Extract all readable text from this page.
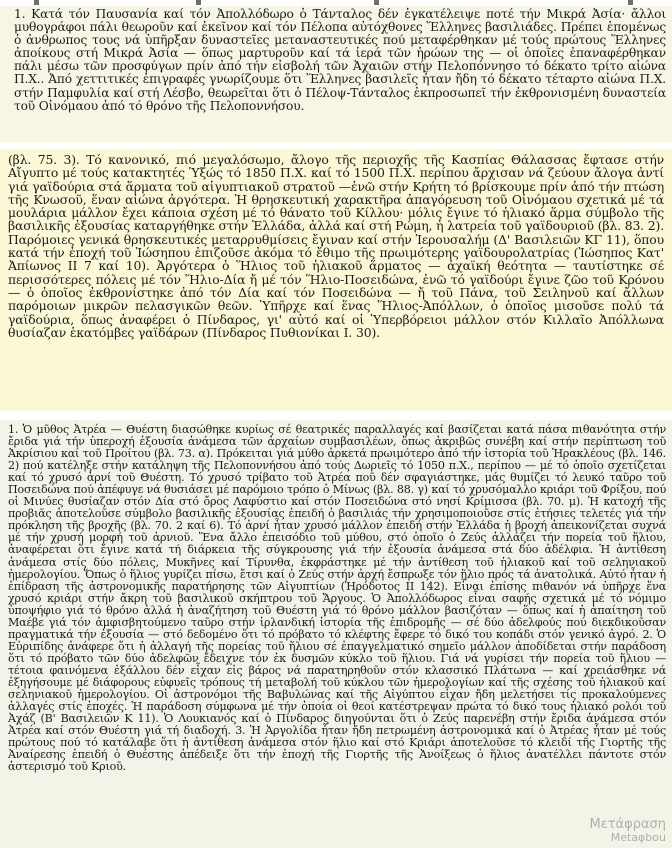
1. Κατά τόν Παυσανία καί τόν Ἀπολλόδωρο ὁ Τάνταλος δέν ἐγκατέλειψε ποτέ τήν Μικρά Ἀσία· ἄλλοι μυθογράφοι πάλι θεωροῦν καί ἐκεῖνον καί τόν Πέλοπα αὐτόχθονες Ἕλληνες βασιλιάδες. Πρέπει ἑπομένως ὁ ἀνθρωπος τους νά ὑπῆρξαν δυναστεῖες μεταναστευτικές πού μεταφέρθηκαν μέ τούς πρώτους Ἕλληνες ἀποίκους στή Μικρά Ἀσία — ὅπως μαρτυροῦν καί τά ἱερά τῶν ἡρώων της — οἱ ὁποῖες ἐπαναφέρθηκαν πάλι μέσω τῶν προσφύγων πρίν ἀπό τήν εἰσβολή τῶν Ἀχαιῶν στήν Πελοπόννησο τό δέκατο τρίτο αἰώνα Π.Χ.. Ἀπό χεττιτικές ἐπιγραφές γνωρίζουμε ὅτι Ἕλληνες βασιλεῖς ἦταν ἤδη τό δέκατο τέταρτο αἰώνα Π.Χ. στήν Παμφυλία καί στή Λέσβο, θεωρεῖται ὅτι ὁ Πέλοψ-Τάνταλος ἐκπροσωπεῖ τήν ἐκθρονισμένη δυναστεία τοῦ Οἰνόμαου ἀπό τό θρόνο τῆς Πελοποννήσου.

(βλ. 75. 3). Τό κανονικό, πιό μεγαλόσωμο, ἄλογο τῆς περιοχῆς τῆς Κασπίας Θάλασσας ἔφτασε στήν Αἴγυπτο μέ τούς κατακτητές Ὑξώς τό 1850 Π.Χ. καί τό 1500 Π.Χ. περίπου ἄρχισαν νά ζεύουν ἄλογα ἀντί γιά γαϊδούρια στά ἅρματα τοῦ αἰγυπτιακοῦ στρατοῦ —ἐνῶ στήν Κρήτη τό βρίσκουμε πρίν ἀπό τήν πτώση τῆς Κνωσοῦ, ἕναν αἰώνα ἀργότερα. Ἡ θρησκευτική χαρακτῆρα ἀπαγόρευση τοῦ Οἰνόμαου σχετικά μέ τά μουλάρια μάλλον ἔχει κάποια σχέση μέ τό θάνατο τοῦ Κίλλου· μόλις ἔγινε τό ἡλιακό ἅρμα σύμβολο τῆς βασιλικῆς ἐξουσίας καταργήθηκε στήν Ἑλλάδα, ἀλλά καί στή Ρώμη, ἡ λατρεία τοῦ γαϊδουριοῦ (βλ. 83. 2). Παρόμοιες γενικά θρησκευτικές μεταρρυθμίσεις ἔγιναν καί στήν Ἱερουσαλήμ (Δ' Βασιλειῶν ΚΓ 11), ὅπου κατά τήν ἐποχή τοῦ Ἰώσηπου ἐπιζοῦσε ἀκόμα τό ἔθιμο τῆς πρωιμότερης γαϊδουρολατρίας (Ἰώσηπος Κατ' Ἀπίωνος ΙΙ 7 καί 10). Ἀργότερα ὁ Ἥλιος τοῦ ἡλιακοῦ ἅρματος — ἀχαϊκή θεότητα — ταυτίστηκε σέ περισσότερες πόλεις μέ τόν Ἥλιο-Δία ἤ μέ τόν Ἥλιο-Ποσειδώνα, ἐνῶ τό γαϊδούρι ἔγινε ζῶο τοῦ Κρόνου — ὁ ὁποῖος ἐκθρονίστηκε ἀπό τόν Δία καί τόν Ποσειδώνα — ἤ τοῦ Πάνα, τοῦ Σειληνοῦ καί ἄλλων παρόμοιων μικρῶν πελασγικῶν θεῶν. Ὑπῆρχε καί ἕνας Ἥλιος-Ἀπόλλων, ὁ ὁποῖος μισοῦσε πολύ τά γαϊδούρια, ὅπως ἀναφέρει ὁ Πίνδαρος, γι' αὐτό καί οἱ Ὑπερβόρειοι μάλλον στόν Κιλλαῖο Ἀπόλλωνα θυσίαζαν ἑκατόμβες γαϊδάρων (Πίνδαρος Πυθιονίκαι Ι. 30).

1. Ὁ μῦθος Ἀτρέα — Θυέστη διασώθηκε κυρίως σέ θεατρικές παραλλαγές καί βασίζεται κατά πάσα πιθανότητα στήν ἔριδα γιά τήν ὑπεροχή ἐξουσία ἀνάμεσα τῶν ἀρχαίων συμβασιλέων, ὅπως ἀκριβῶς συνέβη καί στήν περίπτωση τοῦ Ἀκρίσιου καί τοῦ Προίτου (βλ. 73. α). Πρόκειται γιά μύθο ἀρκετά πρωιμότερο ἀπό τήν ἱστορία τοῦ Ἡρακλέους (βλ. 146. 2) πού κατέληξε στήν κατάληψη τῆς Πελοποννήσου ἀπό τούς Δωριεῖς τό 1050 π.Χ., περίπου — μέ τό ὁποῖο σχετίζεται καί τό χρυσό ἀρνί τοῦ Θυέστη. Τό χρυσό τρίβατο τοῦ Ἀτρέα ποῦ δέν σφαγιάστηκε, μάς θυμίζει τό λευκό ταῦρο τοῦ Ποσειδώνα πού ἀπέφυγε νά θυσιάσει μέ παρόμοιο τρόπο ὁ Μίνως (βλ. 88. γ) καί τό χρυσόμαλλο κριάρι τοῦ Φρίξου, πού οἱ Μινύες θυσίαζαν στόν Δία στό ὄρος Λαφύστιο καί στόν Ποσειδώνα στό νησί Κρίμισσα (βλ. 70. μ). Ἡ κατοχή τῆς προβιᾶς ἀποτελοῦσε σύμβολο βασιλικῆς ἐξουσίας ἐπειδή ὁ βασιλιάς τήν χρησιμοποιοῦσε στίς ἐτήσιες τελετές γιά τήν πρόκληση τῆς βροχῆς (βλ. 70. 2 καί 6). Τό ἀρνί ἦταν χρυσό μάλλον ἐπειδή στήν Ἑλλάδα ἡ βροχή ἀπεικονίζεται συχνά μέ τήν χρυσή μορφή τοῦ ἀρνιοῦ. Ἕνα ἄλλο ἐπεισόδιο τοῦ μύθου, στό ὁποῖο ὁ Ζεύς ἀλλάζει τήν πορεία τοῦ ἥλιου, ἀναφέρεται ὅτι ἔγινε κατά τή διάρκεια τῆς σύγκρουσης γιά τήν ἐξουσία ἀνάμεσα στά δύο ἀδέλφια. Ἡ ἀντίθεση ἀνάμεσα στίς δύο πόλεις, Μυκῆνες καί Τίρυνθα, ἐκφράστηκε μέ τήν ἀντίθεση τοῦ ἡλιακοῦ καί τοῦ σεληνιακοῦ ἡμερολογίου. Ὅπως ὁ ἥλιος γυρίζει πίσω, ἔτσι καί ὁ Ζεύς στήν ἀρχή ἔσπρωξε τόν ἥλιο πρός τά ἀνατολικά. Αὐτό ἦταν ἡ ἐπίδραση τῆς ἀστρονομικῆς παρατήρησης τῶν Αἰγυπτίων (Ἡρόδοτος ΙΙ 142). Εἶναι ἐπίσης πιθανόν νά ὑπῆρχε ἕνα χρυσό κριάρι στήν ἄκρη τοῦ βασιλικοῦ σκήπτρου τοῦ Ἄργους. Ὁ Ἀπολλόδωρος εἶναι σαφής σχετικά μέ τό νόμιμο ὑποψήφιο γιά τό θρόνο ἀλλά ἡ ἀναζήτηση τοῦ Θυέστη γιά τό θρόνο μάλλον βασιζόταν — ὅπως καί ἡ ἀπαίτηση τοῦ Μαέβε γιά τόν ἀμφισβητούμενο ταῦρο στήν ἰρλανδική ἱστορία τῆς ἐπιδρομῆς — σέ δύο ἀδελφούς πού διεκδικοῦσαν πραγματικά τήν ἐξουσία — στό δεδομένο ὅτι τό πρόβατο τό κλέφτης ἔφερε τό δικό του κοπάδι στόν γενικό ἀγρό. 2. Ὁ Εὐριπίδης ἀνάφερε ὅτι ἡ ἀλλαγή τῆς πορείας τοῦ ἥλιου σέ ἐπαγγελματικό σημεῖο μάλλον ἀποδίδεται στήν παράδοση ὅτι τό πρόβατο τῶν δύο ἀδελφῶν ἔδειχνε τόν ἐκ δυσμῶν κύκλο τοῦ ἥλιου. Γιά νά γυρίσει τήν πορεία τοῦ ἥλιου — τέτοια φαινόμενα ἐξάλλου δέν εἶχαν εἰς βάρος νά παρατηρηθοῦν στόν κλασσικό Πλάτωνα — καί χρειάσθηκε νά ἐξηγήσουμε μέ διάφορους εὐφυεῖς τρόπους τή μεταβολή τοῦ κύκλου τῶν ἡμερολογίων καί τῆς σχέσης τοῦ ἡλιακοῦ καί σεληνιακοῦ ἡμερολογίου. Οἱ ἀστρονόμοι τῆς Βαβυλώνας καί τῆς Αἰγύπτου εἶχαν ἤδη μελετήσει τίς προκαλούμενες ἀλλαγές στίς ἐποχές. Ἡ παράδοση σύμφωνα μέ τήν ὁποία οἱ θεοί κατέστρεψαν πρώτα τό δικό τους ἡλιακό ρολόι τοῦ Ἀχάζ (Β' Βασιλειῶν Κ 11). Ὁ Λουκιανός καί ὁ Πίνδαρος διηγούνται ὅτι ὁ Ζεύς παρενέβη στήν ἔριδα ἀνάμεσα στόν Ἀτρέα καί στόν Θυέστη γιά τή διαδοχή. 3. Ἡ Ἀργολίδα ἦταν ἤδη πετρωμένη ἀστρονομικά καί ὁ Ἀτρέας ἦταν μέ τούς πρώτους πού τό κατάλαβε ὅτι ἡ ἀντίθεση ἀνάμεσα στόν ἥλιο καί στό Κριάρι ἀποτελοῦσε τό κλειδί τῆς Γιορτῆς τῆς Ἀναίρεσης ἐπειδή ὁ Θυέστης ἀπέδειξε ὅτι τήν ἐποχή τῆς Γιορτῆς τῆς Ἀνοίξεως ὁ ἥλιος ἀνατέλλει πάντοτε στόν ἀστερισμό τοῦ Κριοῦ.

Μετάφραση
Metaφbou
